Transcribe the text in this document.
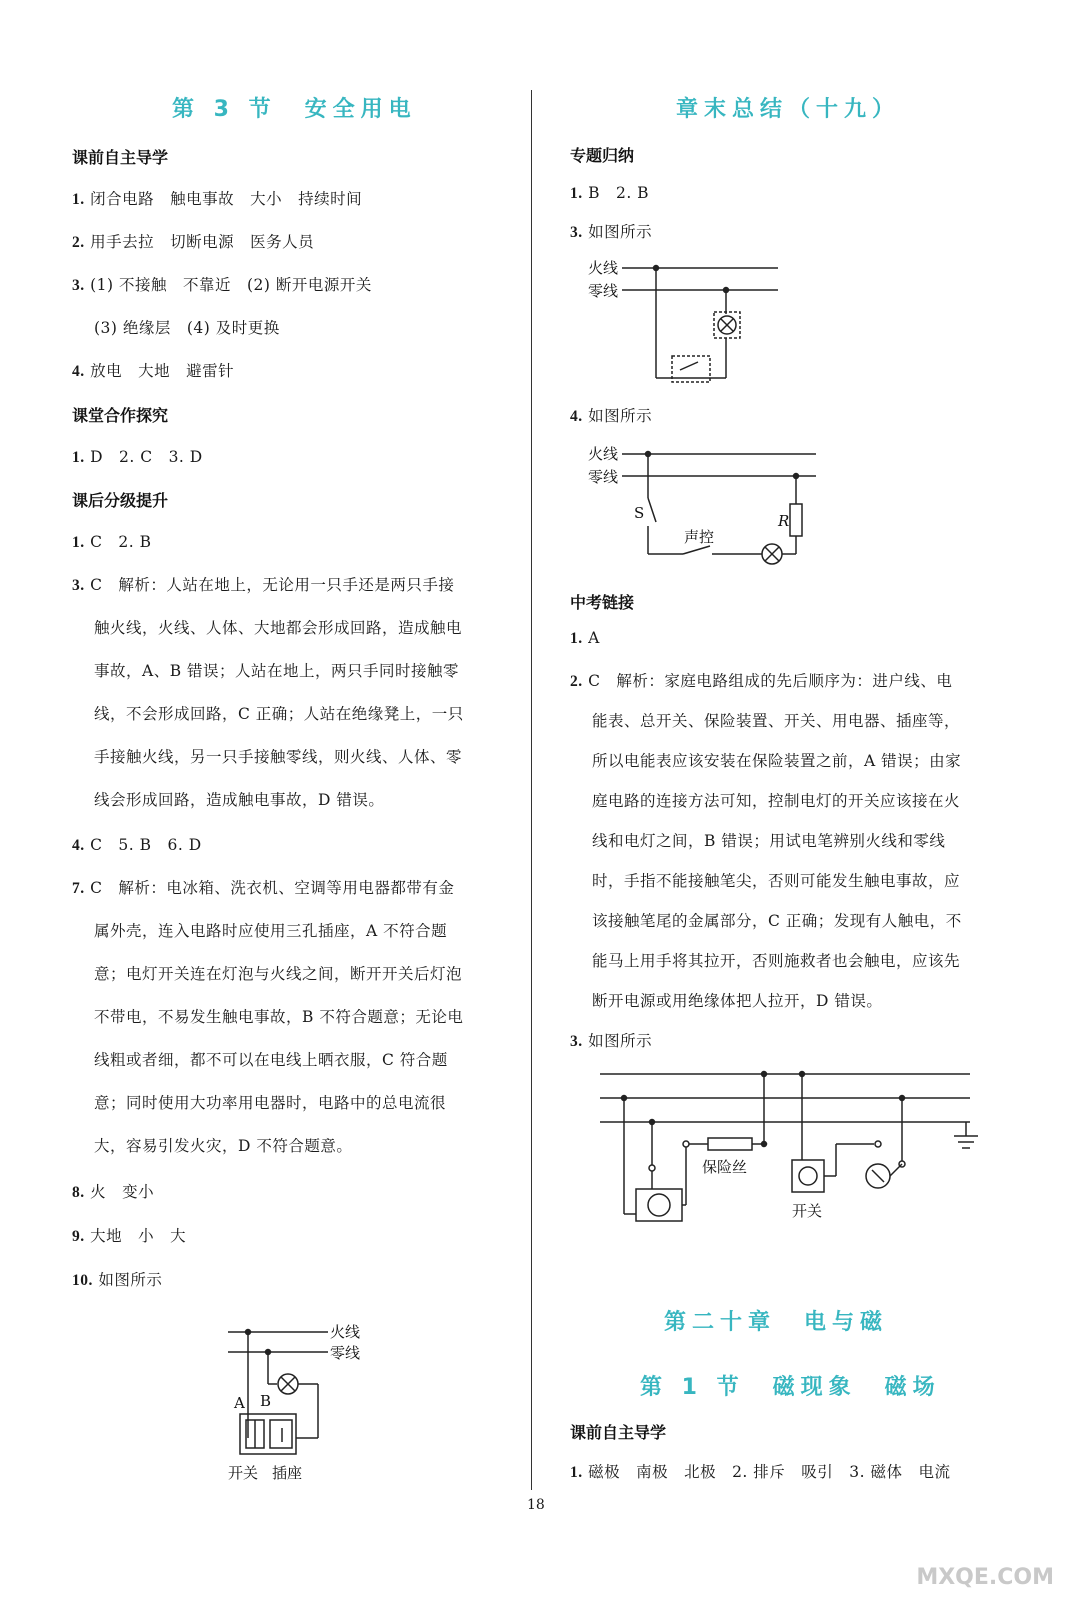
第 3 节　安全用电
课前自主导学
1. 闭合电路　触电事故　大小　持续时间
2. 用手去拉　切断电源　医务人员
3. (1) 不接触　不靠近　(2) 断开电源开关
(3) 绝缘层　(4) 及时更换
4. 放电　大地　避雷针
课堂合作探究
1. D　2. C　3. D
课后分级提升
1. C　2. B
3. C　解析：人站在地上，无论用一只手还是两只手接
触火线，火线、人体、大地都会形成回路，造成触电
事故，A、B 错误；人站在地上，两只手同时接触零
线，不会形成回路，C 正确；人站在绝缘凳上，一只
手接触火线，另一只手接触零线，则火线、人体、零
线会形成回路，造成触电事故，D 错误。
4. C　5. B　6. D
7. C　解析：电冰箱、洗衣机、空调等用电器都带有金
属外壳，连入电路时应使用三孔插座，A 不符合题
意；电灯开关连在灯泡与火线之间，断开开关后灯泡
不带电，不易发生触电事故，B 不符合题意；无论电
线粗或者细，都不可以在电线上晒衣服，C 符合题
意；同时使用大功率用电器时，电路中的总电流很
大，容易引发火灾，D 不符合题意。
8. 火　变小
9. 大地　小　大
10. 如图所示
火线
零线
A B
开关 插座
章末总结（十九）
专题归纳
1. B　2. B
3. 如图所示
火线
零线
4. 如图所示
火线
零线
S	R
声控
中考链接
1. A
2. C　解析：家庭电路组成的先后顺序为：进户线、电
能表、总开关、保险装置、开关、用电器、插座等，
所以电能表应该安装在保险装置之前，A 错误；由家
庭电路的连接方法可知，控制电灯的开关应该接在火
线和电灯之间，B 错误；用试电笔辨别火线和零线
时，手指不能接触笔尖，否则可能发生触电事故，应
该接触笔尾的金属部分，C 正确；发现有人触电，不
能马上用手将其拉开，否则施救者也会触电，应该先
断开电源或用绝缘体把人拉开，D 错误。
3. 如图所示
保险丝
开关
第二十章　电与磁
第 1 节　磁现象　磁场
课前自主导学
1. 磁极　南极　北极　2. 排斥　吸引　3. 磁体　电流
18
MXQE.COM
